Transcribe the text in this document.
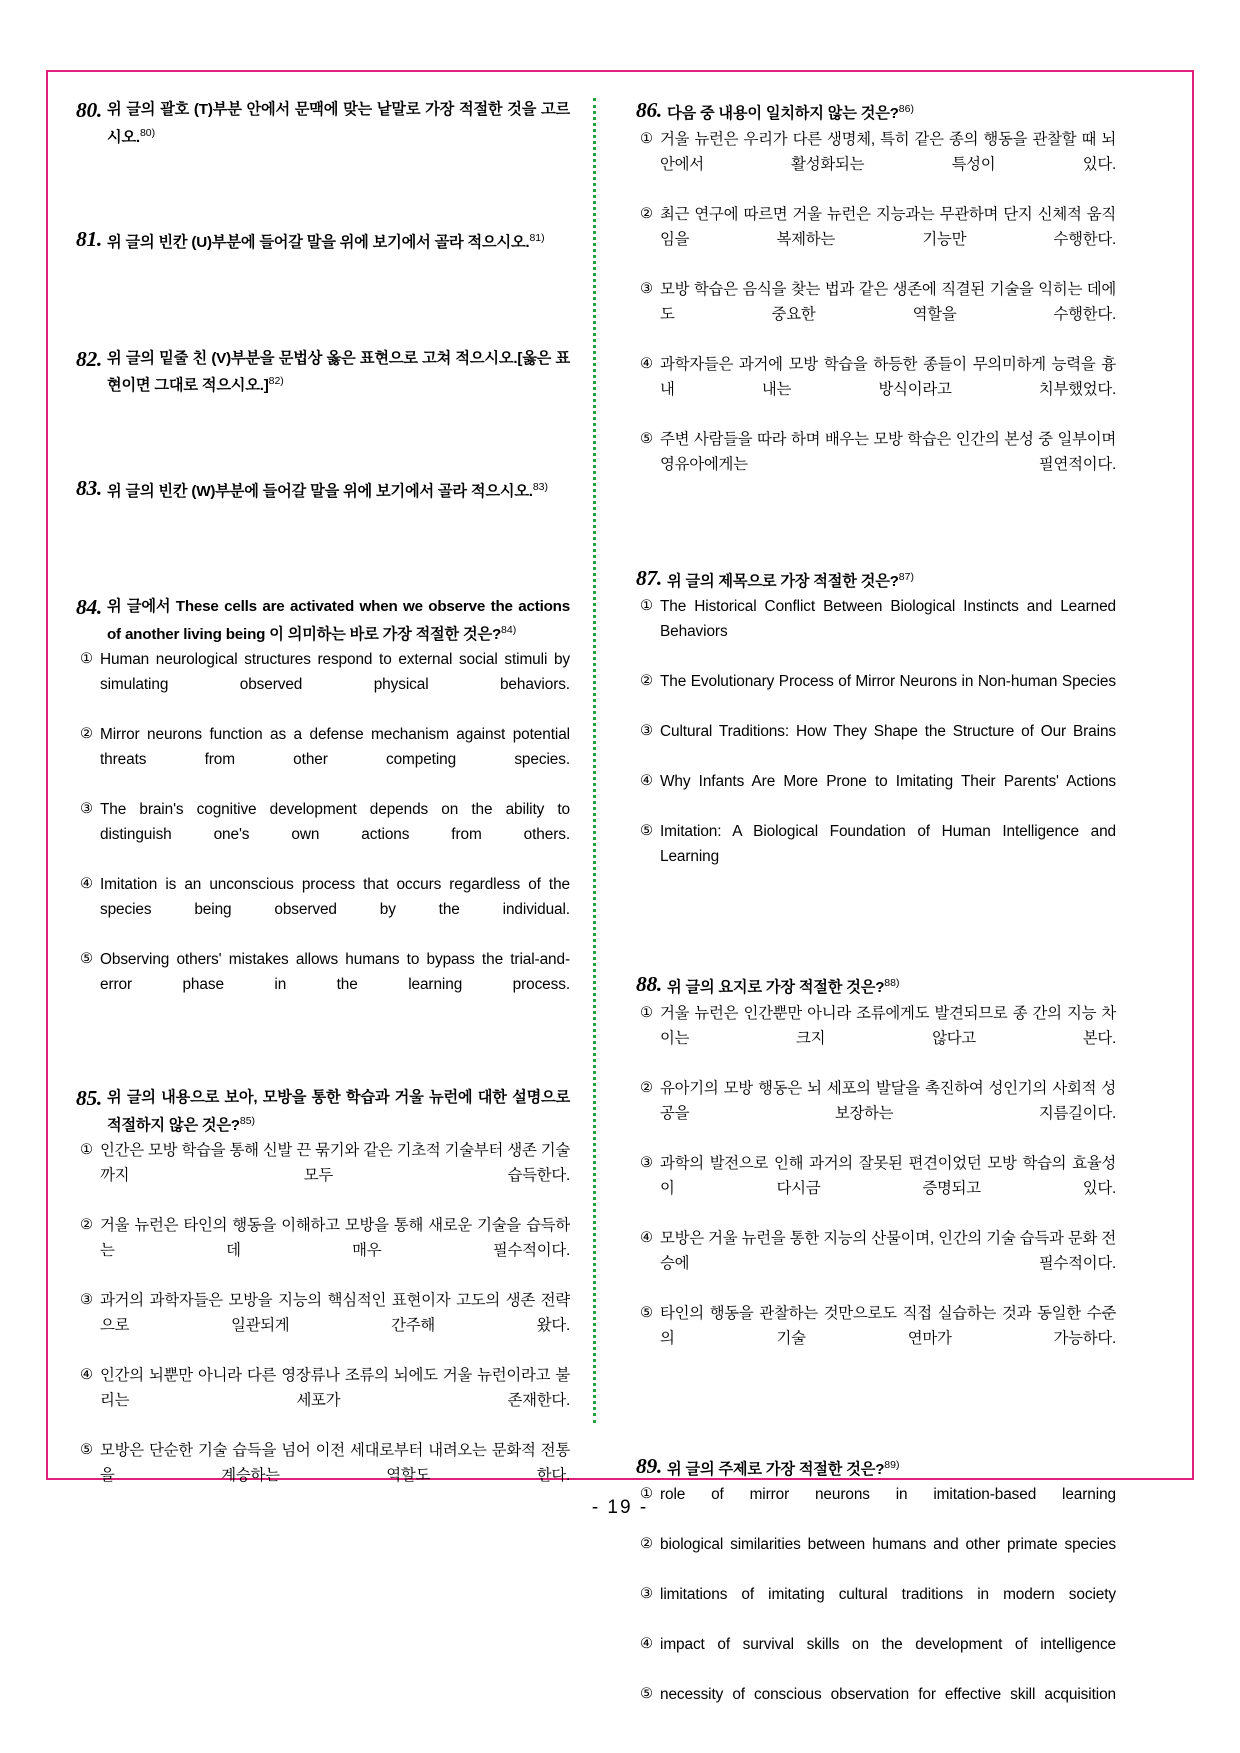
80. 위 글의 괄호 (T)부분 안에서 문맥에 맞는 낱말로 가장 적절한 것을 고르시오.$^{80)}$
81. 위 글의 빈칸 (U)부분에 들어갈 말을 위에 보기에서 골라 적으시오.$^{81)}$
82. 위 글의 밑줄 친 (V)부분을 문법상 옳은 표현으로 고쳐 적으시오.[옳은 표현이면 그대로 적으시오.]$^{82)}$
83. 위 글의 빈칸 (W)부분에 들어갈 말을 위에 보기에서 골라 적으시오.$^{83)}$
84. 위 글에서 These cells are activated when we observe the actions of another living being 이 의미하는 바로 가장 적절한 것은?$^{84)}$
① Human neurological structures respond to external social stimuli by simulating observed physical behaviors.
② Mirror neurons function as a defense mechanism against potential threats from other competing species.
③ The brain's cognitive development depends on the ability to distinguish one's own actions from others.
④ Imitation is an unconscious process that occurs regardless of the species being observed by the individual.
⑤ Observing others' mistakes allows humans to bypass the trial-and-error phase in the learning process.
85. 위 글의 내용으로 보아, 모방을 통한 학습과 거울 뉴런에 대한 설명으로 적절하지 않은 것은?$^{85)}$
① 인간은 모방 학습을 통해 신발 끈 묶기와 같은 기초적 기술부터 생존 기술까지 모두 습득한다.
② 거울 뉴런은 타인의 행동을 이해하고 모방을 통해 새로운 기술을 습득하는 데 매우 필수적이다.
③ 과거의 과학자들은 모방을 지능의 핵심적인 표현이자 고도의 생존 전략으로 일관되게 간주해 왔다.
④ 인간의 뇌뿐만 아니라 다른 영장류나 조류의 뇌에도 거울 뉴런이라고 불리는 세포가 존재한다.
⑤ 모방은 단순한 기술 습득을 넘어 이전 세대로부터 내려오는 문화적 전통을 계승하는 역할도 한다.
86. 다음 중 내용이 일치하지 않는 것은?$^{86)}$
① 거울 뉴런은 우리가 다른 생명체, 특히 같은 종의 행동을 관찰할 때 뇌 안에서 활성화되는 특성이 있다.
② 최근 연구에 따르면 거울 뉴런은 지능과는 무관하며 단지 신체적 움직임을 복제하는 기능만 수행한다.
③ 모방 학습은 음식을 찾는 법과 같은 생존에 직결된 기술을 익히는 데에도 중요한 역할을 수행한다.
④ 과학자들은 과거에 모방 학습을 하등한 종들이 무의미하게 능력을 흉내 내는 방식이라고 치부했었다.
⑤ 주변 사람들을 따라 하며 배우는 모방 학습은 인간의 본성 중 일부이며 영유아에게는 필연적이다.
87. 위 글의 제목으로 가장 적절한 것은?$^{87)}$
① The Historical Conflict Between Biological Instincts and Learned Behaviors
② The Evolutionary Process of Mirror Neurons in Non-human Species
③ Cultural Traditions: How They Shape the Structure of Our Brains
④ Why Infants Are More Prone to Imitating Their Parents' Actions
⑤ Imitation: A Biological Foundation of Human Intelligence and Learning
88. 위 글의 요지로 가장 적절한 것은?$^{88)}$
① 거울 뉴런은 인간뿐만 아니라 조류에게도 발견되므로 종 간의 지능 차이는 크지 않다고 본다.
② 유아기의 모방 행동은 뇌 세포의 발달을 촉진하여 성인기의 사회적 성공을 보장하는 지름길이다.
③ 과학의 발전으로 인해 과거의 잘못된 편견이었던 모방 학습의 효율성이 다시금 증명되고 있다.
④ 모방은 거울 뉴런을 통한 지능의 산물이며, 인간의 기술 습득과 문화 전승에 필수적이다.
⑤ 타인의 행동을 관찰하는 것만으로도 직접 실습하는 것과 동일한 수준의 기술 연마가 가능하다.
89. 위 글의 주제로 가장 적절한 것은?$^{89)}$
① role of mirror neurons in imitation-based learning
② biological similarities between humans and other primate species
③ limitations of imitating cultural traditions in modern society
④ impact of survival skills on the development of intelligence
⑤ necessity of conscious observation for effective skill acquisition
- 19 -
